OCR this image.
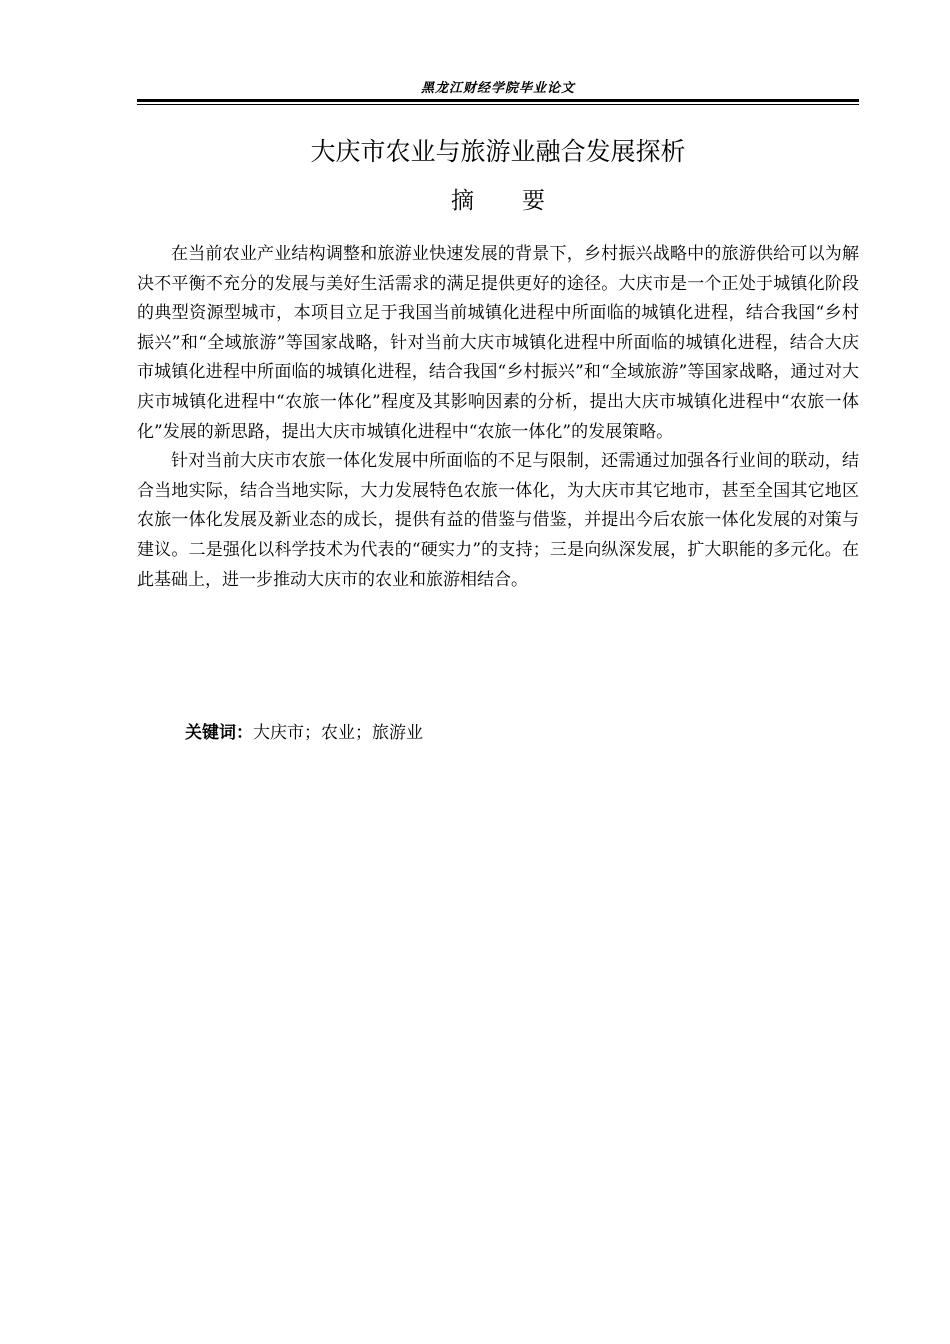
黑龙江财经学院毕业论文
大庆市农业与旅游业融合发展探析
摘要

在当前农业产业结构调整和旅游业快速发展的背景下，乡村振兴战略中的旅游供给可以为解决不平衡不充分的发展与美好生活需求的满足提供更好的途径。大庆市是一个正处于城镇化阶段的典型资源型城市，本项目立足于我国当前城镇化进程中所面临的城镇化进程，结合我国“乡村振兴”和“全域旅游”等国家战略，针对当前大庆市城镇化进程中所面临的城镇化进程，结合大庆市城镇化进程中所面临的城镇化进程，结合我国“乡村振兴”和“全域旅游”等国家战略，通过对大庆市城镇化进程中“农旅一体化”程度及其影响因素的分析，提出大庆市城镇化进程中“农旅一体化”发展的新思路，提出大庆市城镇化进程中“农旅一体化”的发展策略。

针对当前大庆市农旅一体化发展中所面临的不足与限制，还需通过加强各行业间的联动，结合当地实际，结合当地实际，大力发展特色农旅一体化，为大庆市其它地市，甚至全国其它地区农旅一体化发展及新业态的成长，提供有益的借鉴与借鉴，并提出今后农旅一体化发展的对策与建议。二是强化以科学技术为代表的“硬实力”的支持；三是向纵深发展，扩大职能的多元化。在此基础上，进一步推动大庆市的农业和旅游相结合。

关键词：大庆市；农业；旅游业
